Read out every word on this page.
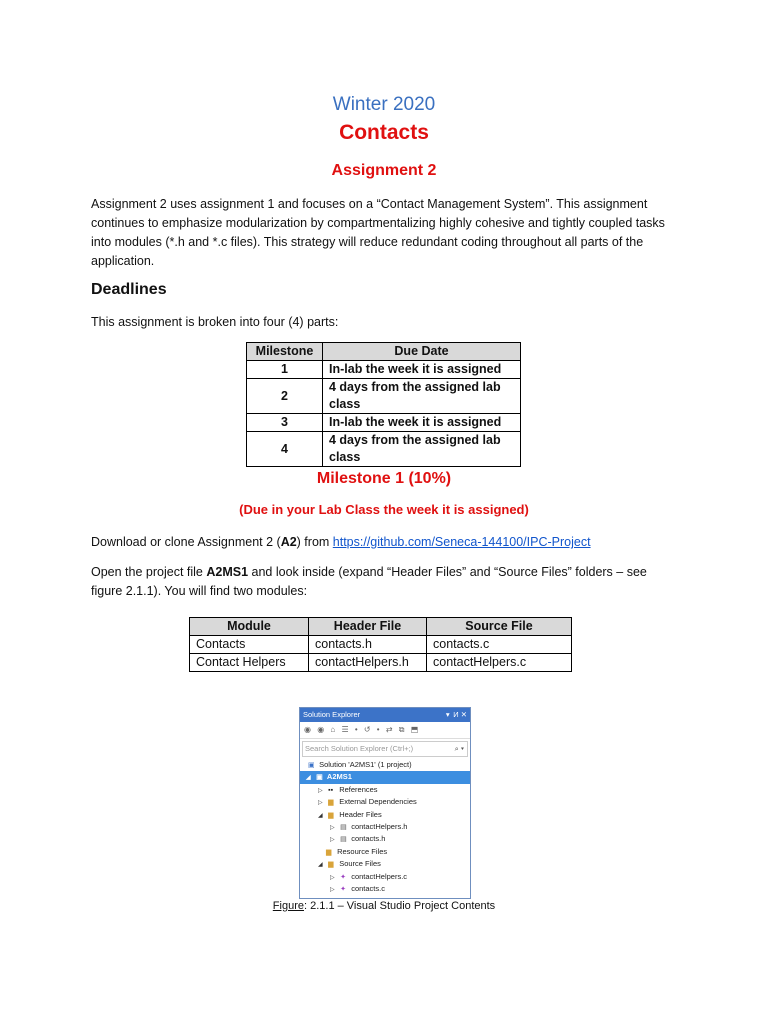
Winter 2020
Contacts
Assignment 2
Assignment 2 uses assignment 1 and focuses on a “Contact Management System”. This assignment continues to emphasize modularization by compartmentalizing highly cohesive and tightly coupled tasks into modules (*.h and *.c files). This strategy will reduce redundant coding throughout all parts of the application.
Deadlines
This assignment is broken into four (4) parts:
Milestone	Due Date
1	In-lab the week it is assigned
2	4 days from the assigned lab class
3	In-lab the week it is assigned
4	4 days from the assigned lab class
Milestone 1 (10%)
(Due in your Lab Class the week it is assigned)
Download or clone Assignment 2 (A2) from https://github.com/Seneca-144100/IPC-Project
Open the project file A2MS1 and look inside (expand “Header Files” and “Source Files” folders – see figure 2.1.1). You will find two modules:
Module	Header File	Source File
Contacts	contacts.h	contacts.c
Contact Helpers	contactHelpers.h	contactHelpers.c
Solution Explorer	▾  И ✕
◉ ◉ ⌂ ☰ • ↺ • ⇄ ⧉ ⬒
Search Solution Explorer (Ctrl+;)	⌕ ▾
▣ Solution 'A2MS1' (1 project)
◢ ▣ A2MS1
▷ ▪▪ References
▷ ▆ External Dependencies
◢ ▆ Header Files
▷ ▤ contactHelpers.h
▷ ▤ contacts.h
▆ Resource Files
◢ ▆ Source Files
▷ ✦ contactHelpers.c
▷ ✦ contacts.c
Figure: 2.1.1 – Visual Studio Project Contents
